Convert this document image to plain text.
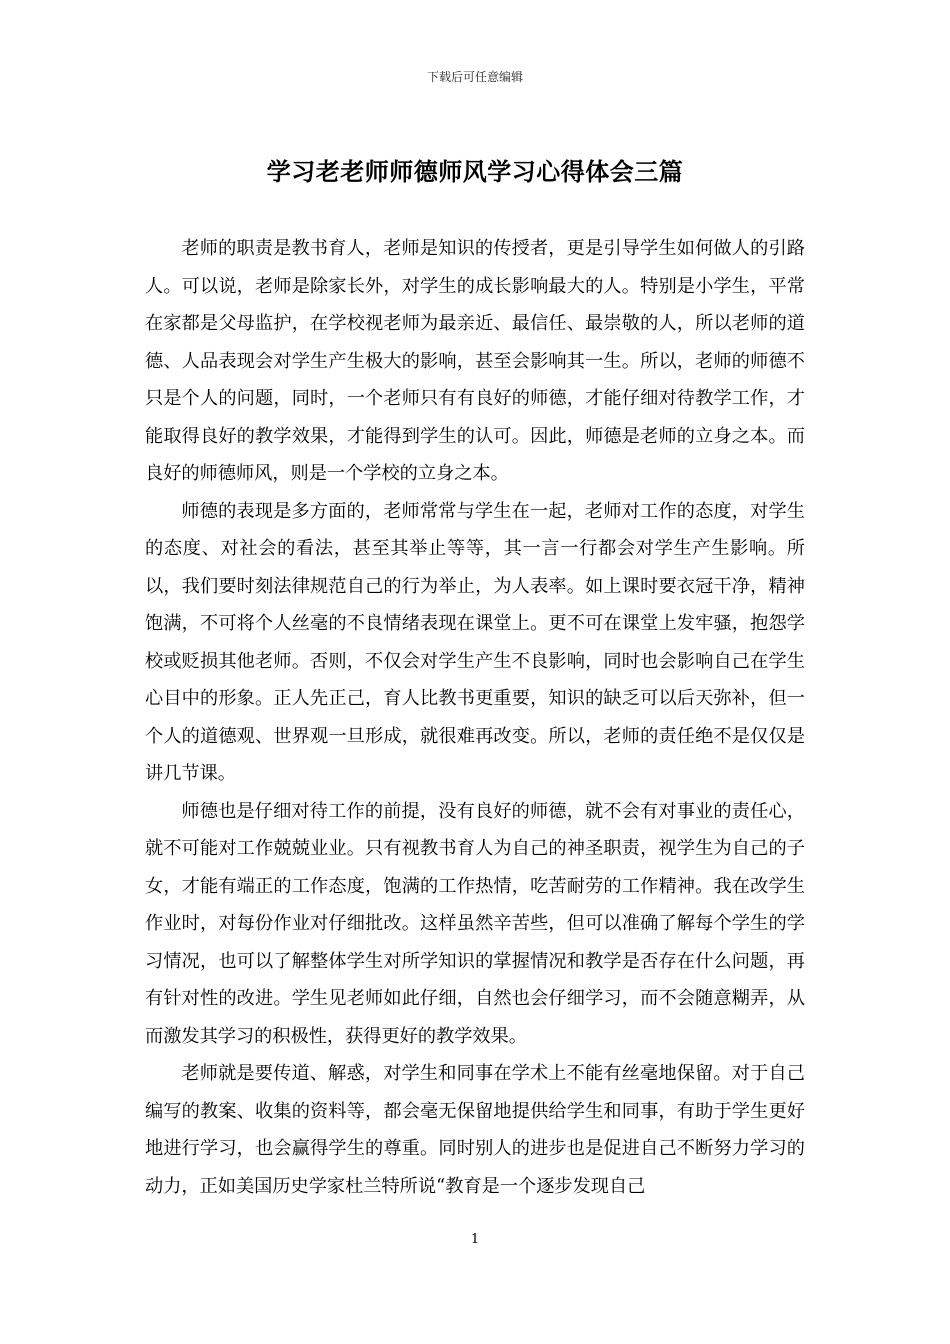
下载后可任意编辑
学习老老师师德师风学习心得体会三篇

老师的职责是教书育人，老师是知识的传授者，更是引导学生如何做人的引路人。可以说，老师是除家长外，对学生的成长影响最大的人。特别是小学生，平常在家都是父母监护，在学校视老师为最亲近、最信任、最崇敬的人，所以老师的道德、人品表现会对学生产生极大的影响，甚至会影响其一生。所以，老师的师德不只是个人的问题，同时，一个老师只有有良好的师德，才能仔细对待教学工作，才能取得良好的教学效果，才能得到学生的认可。因此，师德是老师的立身之本。而良好的师德师风，则是一个学校的立身之本。

师德的表现是多方面的，老师常常与学生在一起，老师对工作的态度，对学生的态度、对社会的看法，甚至其举止等等，其一言一行都会对学生产生影响。所以，我们要时刻法律规范自己的行为举止，为人表率。如上课时要衣冠干净，精神饱满，不可将个人丝毫的不良情绪表现在课堂上。更不可在课堂上发牢骚，抱怨学校或贬损其他老师。否则，不仅会对学生产生不良影响，同时也会影响自己在学生心目中的形象。正人先正己，育人比教书更重要，知识的缺乏可以后天弥补，但一个人的道德观、世界观一旦形成，就很难再改变。所以，老师的责任绝不是仅仅是讲几节课。

师德也是仔细对待工作的前提，没有良好的师德，就不会有对事业的责任心，就不可能对工作兢兢业业。只有视教书育人为自己的神圣职责，视学生为自己的子女，才能有端正的工作态度，饱满的工作热情，吃苦耐劳的工作精神。我在改学生作业时，对每份作业对仔细批改。这样虽然辛苦些，但可以准确了解每个学生的学习情况，也可以了解整体学生对所学知识的掌握情况和教学是否存在什么问题，再有针对性的改进。学生见老师如此仔细，自然也会仔细学习，而不会随意糊弄，从而激发其学习的积极性，获得更好的教学效果。

老师就是要传道、解惑，对学生和同事在学术上不能有丝毫地保留。对于自己编写的教案、收集的资料等，都会毫无保留地提供给学生和同事，有助于学生更好地进行学习，也会赢得学生的尊重。同时别人的进步也是促进自己不断努力学习的动力，正如美国历史学家杜兰特所说“教育是一个逐步发现自己

1
